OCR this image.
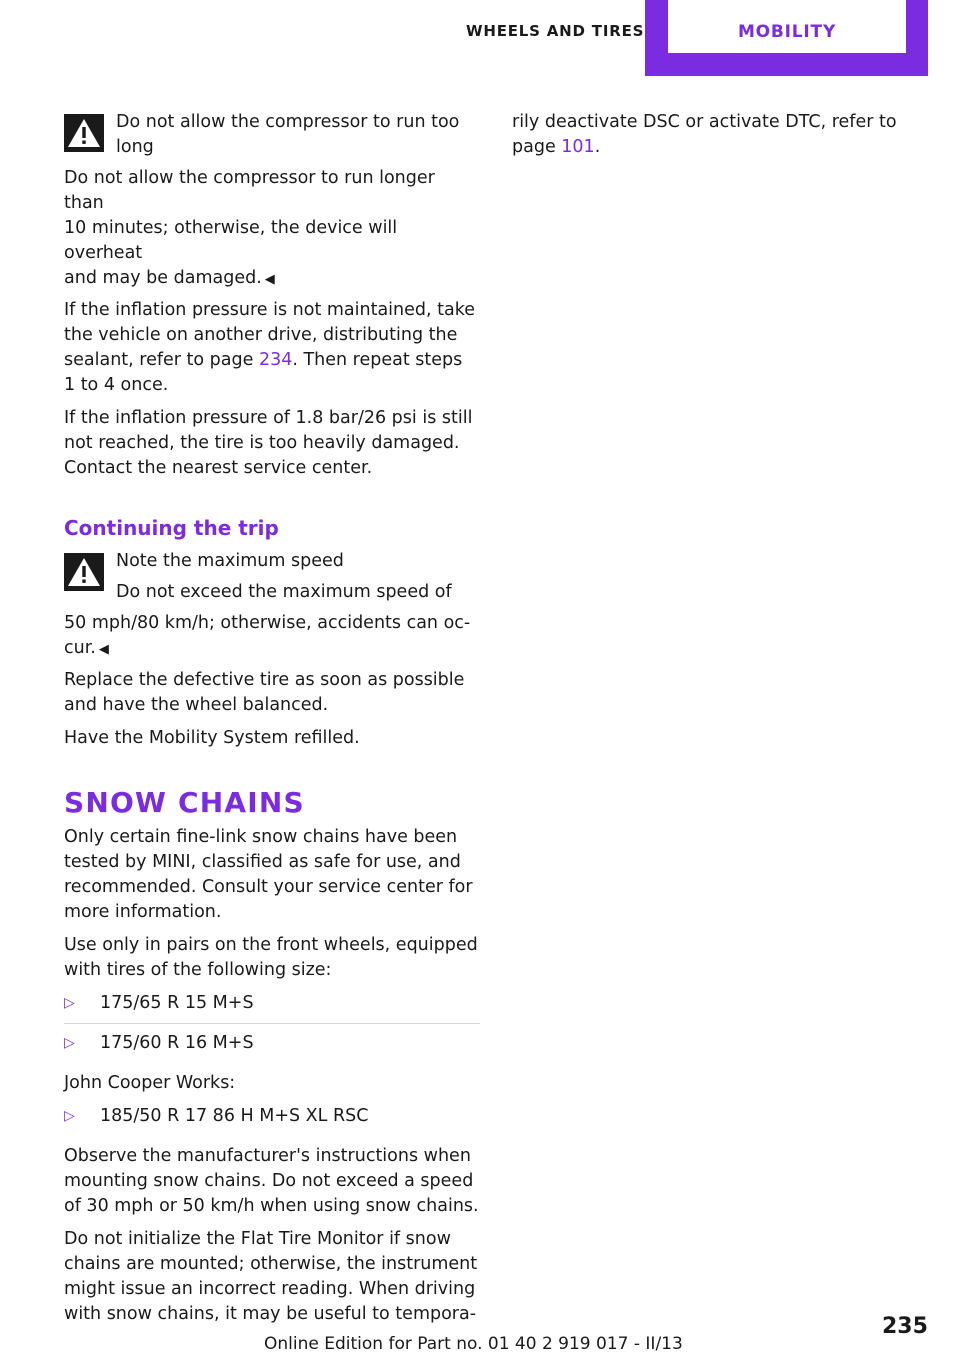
WHEELS AND TIRES	MOBILITY

Do not allow the compressor to run too long

Do not allow the compressor to run longer than
10 minutes; otherwise, the device will overheat
and may be damaged. ◀

If the inflation pressure is not maintained, take
the vehicle on another drive, distributing the
sealant, refer to page 234. Then repeat steps
1 to 4 once.

If the inflation pressure of 1.8 bar/26 psi is still
not reached, the tire is too heavily damaged.
Contact the nearest service center.

Continuing the trip

Note the maximum speed

Do not exceed the maximum speed of

50 mph/80 km/h; otherwise, accidents can oc-
cur. ◀

Replace the defective tire as soon as possible
and have the wheel balanced.

Have the Mobility System refilled.

SNOW CHAINS

Only certain fine-link snow chains have been
tested by MINI, classified as safe for use, and
recommended. Consult your service center for
more information.

Use only in pairs on the front wheels, equipped
with tires of the following size:

▷ 175/65 R 15 M+S
▷ 175/60 R 16 M+S

John Cooper Works:

▷ 185/50 R 17 86 H M+S XL RSC

Observe the manufacturer's instructions when
mounting snow chains. Do not exceed a speed
of 30 mph or 50 km/h when using snow chains.

Do not initialize the Flat Tire Monitor if snow
chains are mounted; otherwise, the instrument
might issue an incorrect reading. When driving
with snow chains, it may be useful to tempora-

rily deactivate DSC or activate DTC, refer to
page 101.

235
Online Edition for Part no. 01 40 2 919 017 - II/13
